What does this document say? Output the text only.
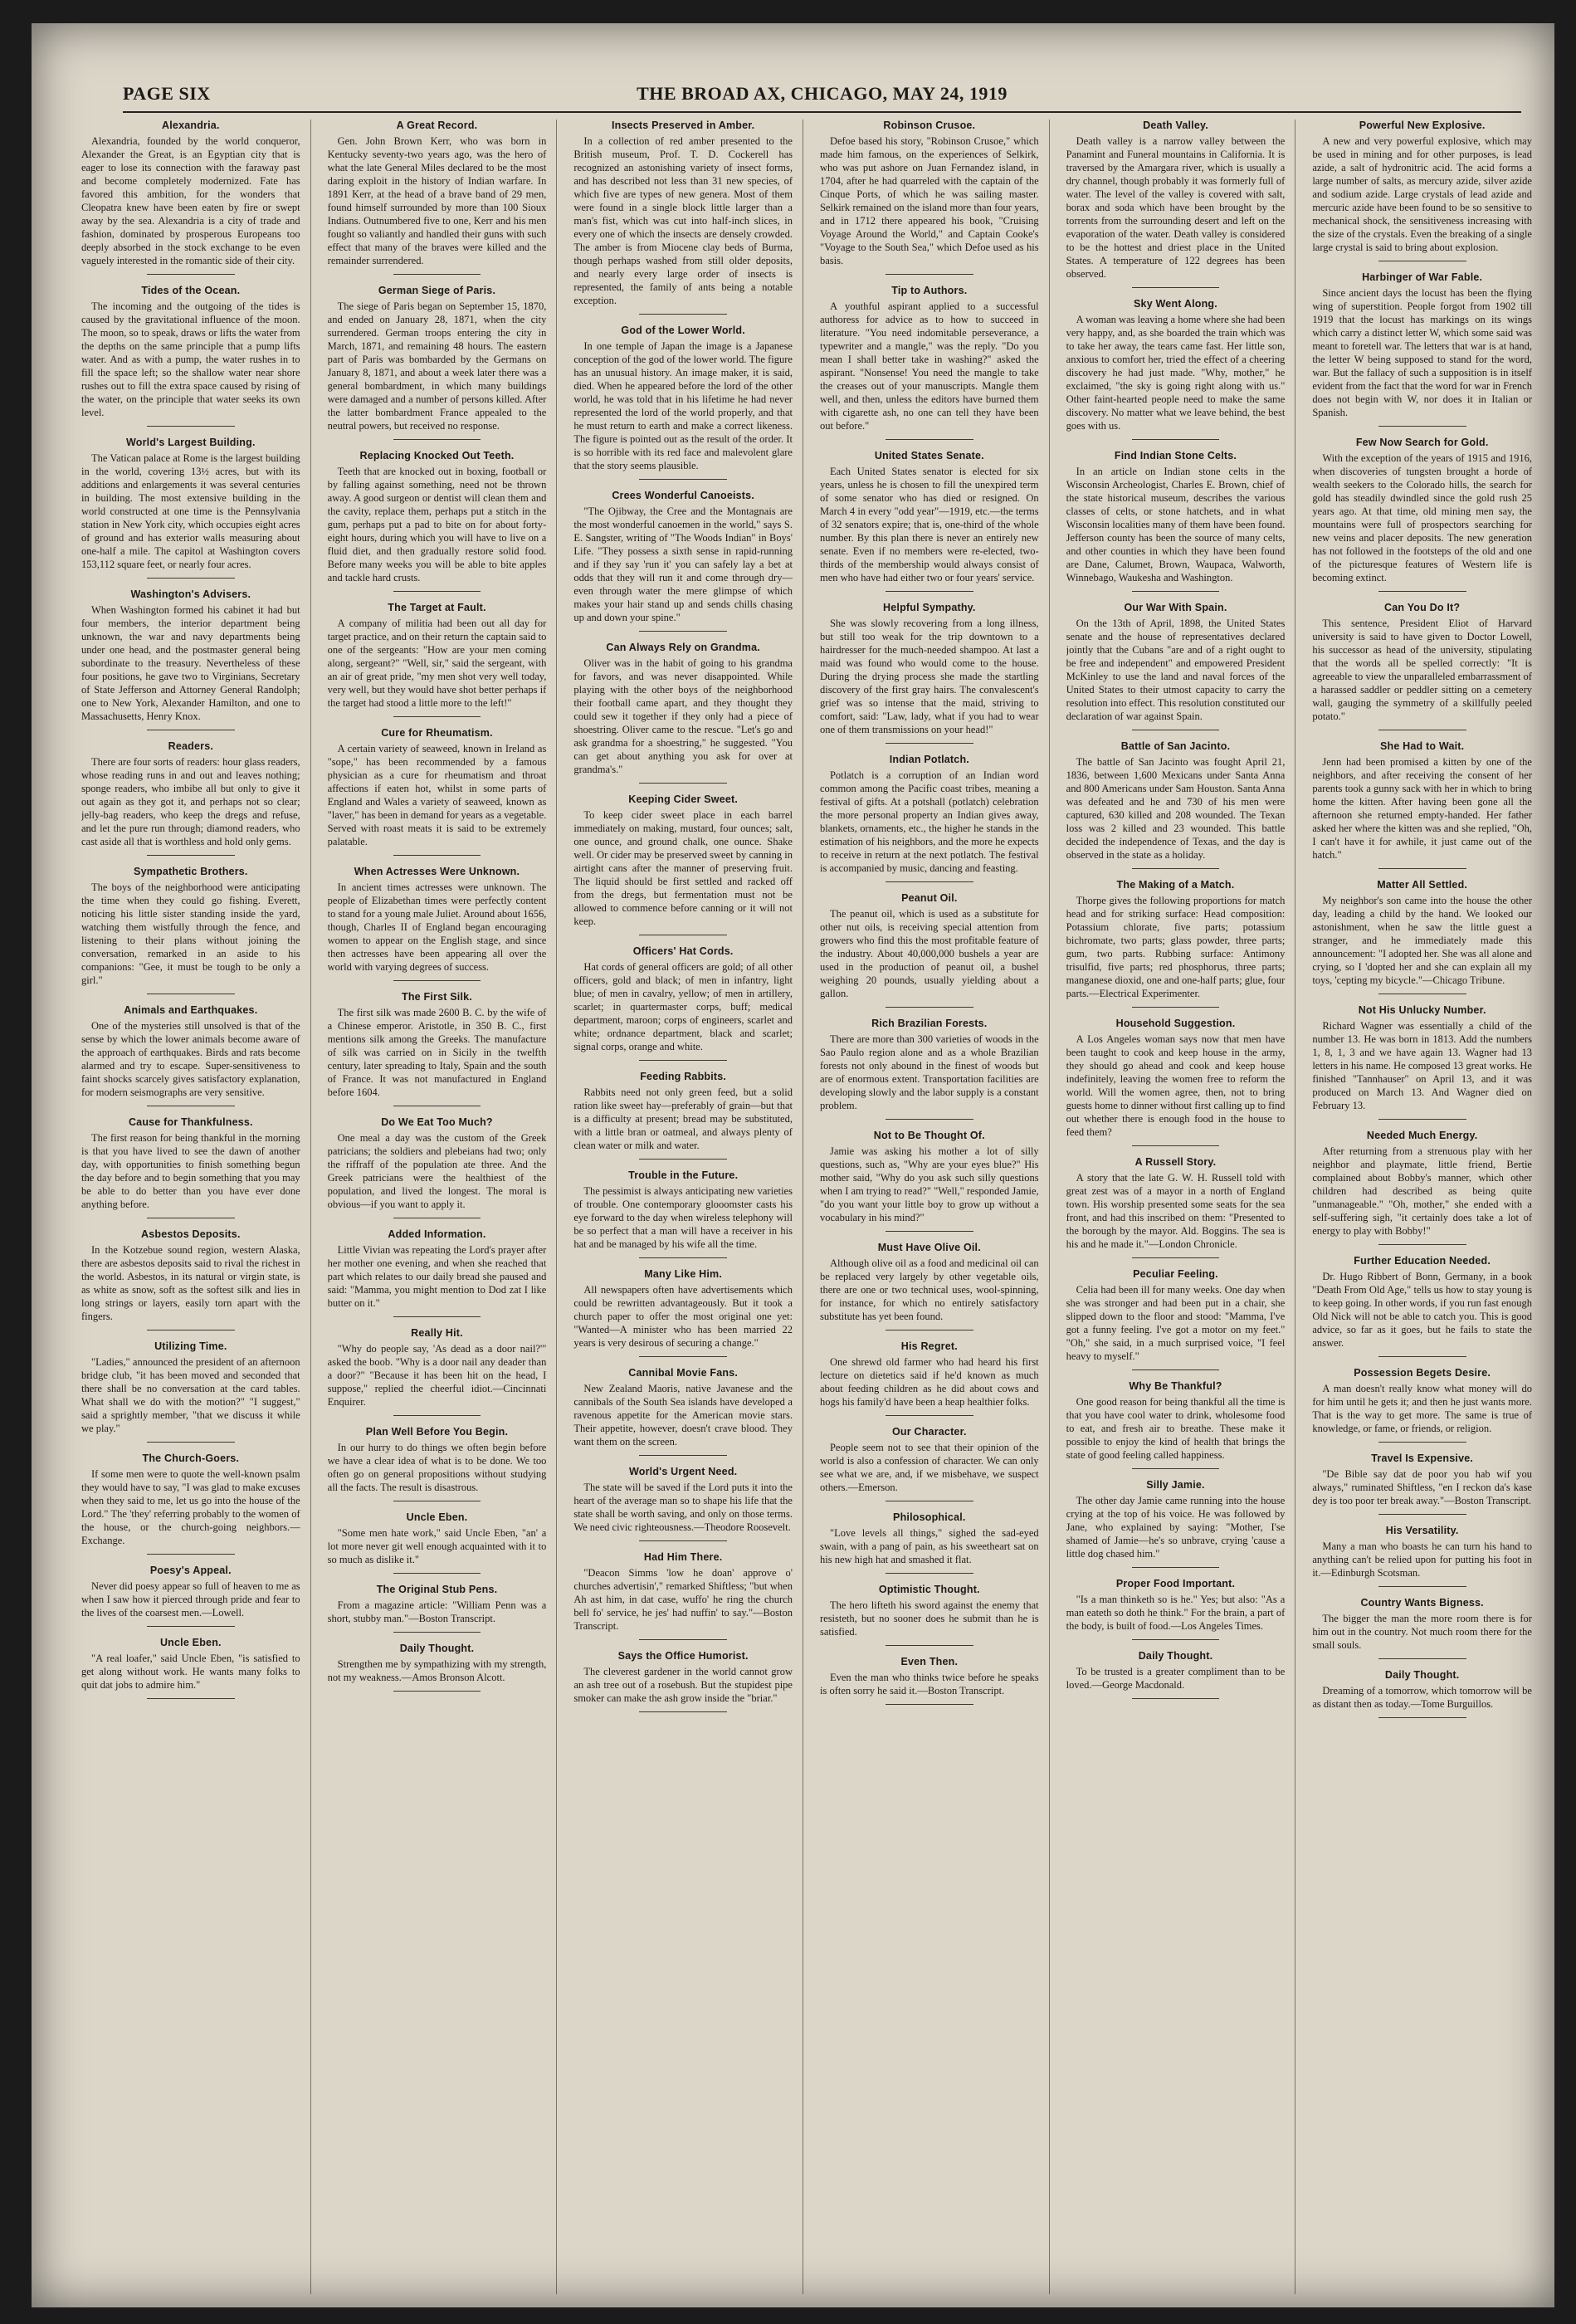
PAGE SIX	THE BROAD AX, CHICAGO, MAY 24, 1919
Alexandria.

Alexandria, founded by the world conqueror, Alexander the Great, is an Egyptian city that is eager to lose its connection with the faraway past and become completely modernized. Fate has favored this ambition, for the wonders that Cleopatra knew have been eaten by fire or swept away by the sea. Alexandria is a city of trade and fashion, dominated by prosperous Europeans too deeply absorbed in the stock exchange to be even vaguely interested in the romantic side of their city.

Tides of the Ocean.

The incoming and the outgoing of the tides is caused by the gravitational influence of the moon. The moon, so to speak, draws or lifts the water from the depths on the same principle that a pump lifts water. And as with a pump, the water rushes in to fill the space left; so the shallow water near shore rushes out to fill the extra space caused by rising of the water, on the principle that water seeks its own level.

World's Largest Building.

The Vatican palace at Rome is the largest building in the world, covering 13½ acres, but with its additions and enlargements it was several centuries in building. The most extensive building in the world constructed at one time is the Pennsylvania station in New York city, which occupies eight acres of ground and has exterior walls measuring about one-half a mile. The capitol at Washington covers 153,112 square feet, or nearly four acres.

Washington's Advisers.

When Washington formed his cabinet it had but four members, the interior department being unknown, the war and navy departments being under one head, and the postmaster general being subordinate to the treasury. Nevertheless of these four positions, he gave two to Virginians, Secretary of State Jefferson and Attorney General Randolph; one to New York, Alexander Hamilton, and one to Massachusetts, Henry Knox.

Readers.

There are four sorts of readers: hour glass readers, whose reading runs in and out and leaves nothing; sponge readers, who imbibe all but only to give it out again as they got it, and perhaps not so clear; jelly-bag readers, who keep the dregs and refuse, and let the pure run through; diamond readers, who cast aside all that is worthless and hold only gems.

Sympathetic Brothers.

The boys of the neighborhood were anticipating the time when they could go fishing. Everett, noticing his little sister standing inside the yard, watching them wistfully through the fence, and listening to their plans without joining the conversation, remarked in an aside to his companions: "Gee, it must be tough to be only a girl."

Animals and Earthquakes.

One of the mysteries still unsolved is that of the sense by which the lower animals become aware of the approach of earthquakes. Birds and rats become alarmed and try to escape. Super-sensitiveness to faint shocks scarcely gives satisfactory explanation, for modern seismographs are very sensitive.

Cause for Thankfulness.

The first reason for being thankful in the morning is that you have lived to see the dawn of another day, with opportunities to finish something begun the day before and to begin something that you may be able to do better than you have ever done anything before.

Asbestos Deposits.

In the Kotzebue sound region, western Alaska, there are asbestos deposits said to rival the richest in the world. Asbestos, in its natural or virgin state, is as white as snow, soft as the softest silk and lies in long strings or layers, easily torn apart with the fingers.

Utilizing Time.

"Ladies," announced the president of an afternoon bridge club, "it has been moved and seconded that there shall be no conversation at the card tables. What shall we do with the motion?" "I suggest," said a sprightly member, "that we discuss it while we play."

The Church-Goers.

If some men were to quote the well-known psalm they would have to say, "I was glad to make excuses when they said to me, let us go into the house of the Lord." The 'they' referring probably to the women of the house, or the church-going neighbors.—Exchange.

Poesy's Appeal.

Never did poesy appear so full of heaven to me as when I saw how it pierced through pride and fear to the lives of the coarsest men.—Lowell.

Uncle Eben.

"A real loafer," said Uncle Eben, "is satisfied to get along without work. He wants many folks to quit dat jobs to admire him."

A Great Record.

Gen. John Brown Kerr, who was born in Kentucky seventy-two years ago, was the hero of what the late General Miles declared to be the most daring exploit in the history of Indian warfare. In 1891 Kerr, at the head of a brave band of 29 men, found himself surrounded by more than 100 Sioux Indians. Outnumbered five to one, Kerr and his men fought so valiantly and handled their guns with such effect that many of the braves were killed and the remainder surrendered.

German Siege of Paris.

The siege of Paris began on September 15, 1870, and ended on January 28, 1871, when the city surrendered. German troops entering the city in March, 1871, and remaining 48 hours. The eastern part of Paris was bombarded by the Germans on January 8, 1871, and about a week later there was a general bombardment, in which many buildings were damaged and a number of persons killed. After the latter bombardment France appealed to the neutral powers, but received no response.

Replacing Knocked Out Teeth.

Teeth that are knocked out in boxing, football or by falling against something, need not be thrown away. A good surgeon or dentist will clean them and the cavity, replace them, perhaps put a stitch in the gum, perhaps put a pad to bite on for about forty-eight hours, during which you will have to live on a fluid diet, and then gradually restore solid food. Before many weeks you will be able to bite apples and tackle hard crusts.

The Target at Fault.

A company of militia had been out all day for target practice, and on their return the captain said to one of the sergeants: "How are your men coming along, sergeant?" "Well, sir," said the sergeant, with an air of great pride, "my men shot very well today, very well, but they would have shot better perhaps if the target had stood a little more to the left!"

Cure for Rheumatism.

A certain variety of seaweed, known in Ireland as "sope," has been recommended by a famous physician as a cure for rheumatism and throat affections if eaten hot, whilst in some parts of England and Wales a variety of seaweed, known as "laver," has been in demand for years as a vegetable. Served with roast meats it is said to be extremely palatable.

When Actresses Were Unknown.

In ancient times actresses were unknown. The people of Elizabethan times were perfectly content to stand for a young male Juliet. Around about 1656, though, Charles II of England began encouraging women to appear on the English stage, and since then actresses have been appearing all over the world with varying degrees of success.

The First Silk.

The first silk was made 2600 B. C. by the wife of a Chinese emperor. Aristotle, in 350 B. C., first mentions silk among the Greeks. The manufacture of silk was carried on in Sicily in the twelfth century, later spreading to Italy, Spain and the south of France. It was not manufactured in England before 1604.

Do We Eat Too Much?

One meal a day was the custom of the Greek patricians; the soldiers and plebeians had two; only the riffraff of the population ate three. And the Greek patricians were the healthiest of the population, and lived the longest. The moral is obvious—if you want to apply it.

Added Information.

Little Vivian was repeating the Lord's prayer after her mother one evening, and when she reached that part which relates to our daily bread she paused and said: "Mamma, you might mention to Dod zat I like butter on it."

Really Hit.

"Why do people say, 'As dead as a door nail?'" asked the boob. "Why is a door nail any deader than a door?" "Because it has been hit on the head, I suppose," replied the cheerful idiot.—Cincinnati Enquirer.

Plan Well Before You Begin.

In our hurry to do things we often begin before we have a clear idea of what is to be done. We too often go on general propositions without studying all the facts. The result is disastrous.

Uncle Eben.

"Some men hate work," said Uncle Eben, "an' a lot more never git well enough acquainted with it to so much as dislike it."

The Original Stub Pens.

From a magazine article: "William Penn was a short, stubby man."—Boston Transcript.

Daily Thought.

Strengthen me by sympathizing with my strength, not my weakness.—Amos Bronson Alcott.

Insects Preserved in Amber.

In a collection of red amber presented to the British museum, Prof. T. D. Cockerell has recognized an astonishing variety of insect forms, and has described not less than 31 new species, of which five are types of new genera. Most of them were found in a single block little larger than a man's fist, which was cut into half-inch slices, in every one of which the insects are densely crowded. The amber is from Miocene clay beds of Burma, though perhaps washed from still older deposits, and nearly every large order of insects is represented, the family of ants being a notable exception.

God of the Lower World.

In one temple of Japan the image is a Japanese conception of the god of the lower world. The figure has an unusual history. An image maker, it is said, died. When he appeared before the lord of the other world, he was told that in his lifetime he had never represented the lord of the world properly, and that he must return to earth and make a correct likeness. The figure is pointed out as the result of the order. It is so horrible with its red face and malevolent glare that the story seems plausible.

Crees Wonderful Canoeists.

"The Ojibway, the Cree and the Montagnais are the most wonderful canoemen in the world," says S. E. Sangster, writing of "The Woods Indian" in Boys' Life. "They possess a sixth sense in rapid-running and if they say 'run it' you can safely lay a bet at odds that they will run it and come through dry—even through water the mere glimpse of which makes your hair stand up and sends chills chasing up and down your spine."

Can Always Rely on Grandma.

Oliver was in the habit of going to his grandma for favors, and was never disappointed. While playing with the other boys of the neighborhood their football came apart, and they thought they could sew it together if they only had a piece of shoestring. Oliver came to the rescue. "Let's go and ask grandma for a shoestring," he suggested. "You can get about anything you ask for over at grandma's."

Keeping Cider Sweet.

To keep cider sweet place in each barrel immediately on making, mustard, four ounces; salt, one ounce, and ground chalk, one ounce. Shake well. Or cider may be preserved sweet by canning in airtight cans after the manner of preserving fruit. The liquid should be first settled and racked off from the dregs, but fermentation must not be allowed to commence before canning or it will not keep.

Officers' Hat Cords.

Hat cords of general officers are gold; of all other officers, gold and black; of men in infantry, light blue; of men in cavalry, yellow; of men in artillery, scarlet; in quartermaster corps, buff; medical department, maroon; corps of engineers, scarlet and white; ordnance department, black and scarlet; signal corps, orange and white.

Feeding Rabbits.

Rabbits need not only green feed, but a solid ration like sweet hay—preferably of grain—but that is a difficulty at present; bread may be substituted, with a little bran or oatmeal, and always plenty of clean water or milk and water.

Trouble in the Future.

The pessimist is always anticipating new varieties of trouble. One contemporary glooomster casts his eye forward to the day when wireless telephony will be so perfect that a man will have a receiver in his hat and be managed by his wife all the time.

Many Like Him.

All newspapers often have advertisements which could be rewritten advantageously. But it took a church paper to offer the most original one yet: "Wanted—A minister who has been married 22 years is very desirous of securing a change."

Cannibal Movie Fans.

New Zealand Maoris, native Javanese and the cannibals of the South Sea islands have developed a ravenous appetite for the American movie stars. Their appetite, however, doesn't crave blood. They want them on the screen.

World's Urgent Need.

The state will be saved if the Lord puts it into the heart of the average man so to shape his life that the state shall be worth saving, and only on those terms. We need civic righteousness.—Theodore Roosevelt.

Had Him There.

"Deacon Simms 'low he doan' approve o' churches advertisin'," remarked Shiftless; "but when Ah ast him, in dat case, wuffo' he ring the church bell fo' service, he jes' had nuffin' to say."—Boston Transcript.

Says the Office Humorist.

The cleverest gardener in the world cannot grow an ash tree out of a rosebush. But the stupidest pipe smoker can make the ash grow inside the "briar."

Robinson Crusoe.

Defoe based his story, "Robinson Crusoe," which made him famous, on the experiences of Selkirk, who was put ashore on Juan Fernandez island, in 1704, after he had quarreled with the captain of the Cinque Ports, of which he was sailing master. Selkirk remained on the island more than four years, and in 1712 there appeared his book, "Cruising Voyage Around the World," and Captain Cooke's "Voyage to the South Sea," which Defoe used as his basis.

Tip to Authors.

A youthful aspirant applied to a successful authoress for advice as to how to succeed in literature. "You need indomitable perseverance, a typewriter and a mangle," was the reply. "Do you mean I shall better take in washing?" asked the aspirant. "Nonsense! You need the mangle to take the creases out of your manuscripts. Mangle them well, and then, unless the editors have burned them with cigarette ash, no one can tell they have been out before."

United States Senate.

Each United States senator is elected for six years, unless he is chosen to fill the unexpired term of some senator who has died or resigned. On March 4 in every "odd year"—1919, etc.—the terms of 32 senators expire; that is, one-third of the whole number. By this plan there is never an entirely new senate. Even if no members were re-elected, two-thirds of the membership would always consist of men who have had either two or four years' service.

Helpful Sympathy.

She was slowly recovering from a long illness, but still too weak for the trip downtown to a hairdresser for the much-needed shampoo. At last a maid was found who would come to the house. During the drying process she made the startling discovery of the first gray hairs. The convalescent's grief was so intense that the maid, striving to comfort, said: "Law, lady, what if you had to wear one of them transmissions on your head!"

Indian Potlatch.

Potlatch is a corruption of an Indian word common among the Pacific coast tribes, meaning a festival of gifts. At a potshall (potlatch) celebration the more personal property an Indian gives away, blankets, ornaments, etc., the higher he stands in the estimation of his neighbors, and the more he expects to receive in return at the next potlatch. The festival is accompanied by music, dancing and feasting.

Peanut Oil.

The peanut oil, which is used as a substitute for other nut oils, is receiving special attention from growers who find this the most profitable feature of the industry. About 40,000,000 bushels a year are used in the production of peanut oil, a bushel weighing 20 pounds, usually yielding about a gallon.

Rich Brazilian Forests.

There are more than 300 varieties of woods in the Sao Paulo region alone and as a whole Brazilian forests not only abound in the finest of woods but are of enormous extent. Transportation facilities are developing slowly and the labor supply is a constant problem.

Not to Be Thought Of.

Jamie was asking his mother a lot of silly questions, such as, "Why are your eyes blue?" His mother said, "Why do you ask such silly questions when I am trying to read?" "Well," responded Jamie, "do you want your little boy to grow up without a vocabulary in his mind?"

Must Have Olive Oil.

Although olive oil as a food and medicinal oil can be replaced very largely by other vegetable oils, there are one or two technical uses, wool-spinning, for instance, for which no entirely satisfactory substitute has yet been found.

His Regret.

One shrewd old farmer who had heard his first lecture on dietetics said if he'd known as much about feeding children as he did about cows and hogs his family'd have been a heap healthier folks.

Our Character.

People seem not to see that their opinion of the world is also a confession of character. We can only see what we are, and, if we misbehave, we suspect others.—Emerson.

Philosophical.

"Love levels all things," sighed the sad-eyed swain, with a pang of pain, as his sweetheart sat on his new high hat and smashed it flat.

Optimistic Thought.

The hero lifteth his sword against the enemy that resisteth, but no sooner does he submit than he is satisfied.

Even Then.

Even the man who thinks twice before he speaks is often sorry he said it.—Boston Transcript.

Death Valley.

Death valley is a narrow valley between the Panamint and Funeral mountains in California. It is traversed by the Amargara river, which is usually a dry channel, though probably it was formerly full of water. The level of the valley is covered with salt, borax and soda which have been brought by the torrents from the surrounding desert and left on the evaporation of the water. Death valley is considered to be the hottest and driest place in the United States. A temperature of 122 degrees has been observed.

Sky Went Along.

A woman was leaving a home where she had been very happy, and, as she boarded the train which was to take her away, the tears came fast. Her little son, anxious to comfort her, tried the effect of a cheering discovery he had just made. "Why, mother," he exclaimed, "the sky is going right along with us." Other faint-hearted people need to make the same discovery. No matter what we leave behind, the best goes with us.

Find Indian Stone Celts.

In an article on Indian stone celts in the Wisconsin Archeologist, Charles E. Brown, chief of the state historical museum, describes the various classes of celts, or stone hatchets, and in what Wisconsin localities many of them have been found. Jefferson county has been the source of many celts, and other counties in which they have been found are Dane, Calumet, Brown, Waupaca, Walworth, Winnebago, Waukesha and Washington.

Our War With Spain.

On the 13th of April, 1898, the United States senate and the house of representatives declared jointly that the Cubans "are and of a right ought to be free and independent" and empowered President McKinley to use the land and naval forces of the United States to their utmost capacity to carry the resolution into effect. This resolution constituted our declaration of war against Spain.

Battle of San Jacinto.

The battle of San Jacinto was fought April 21, 1836, between 1,600 Mexicans under Santa Anna and 800 Americans under Sam Houston. Santa Anna was defeated and he and 730 of his men were captured, 630 killed and 208 wounded. The Texan loss was 2 killed and 23 wounded. This battle decided the independence of Texas, and the day is observed in the state as a holiday.

The Making of a Match.

Thorpe gives the following proportions for match head and for striking surface: Head composition: Potassium chlorate, five parts; potassium bichromate, two parts; glass powder, three parts; gum, two parts. Rubbing surface: Antimony trisulfid, five parts; red phosphorus, three parts; manganese dioxid, one and one-half parts; glue, four parts.—Electrical Experimenter.

Household Suggestion.

A Los Angeles woman says now that men have been taught to cook and keep house in the army, they should go ahead and cook and keep house indefinitely, leaving the women free to reform the world. Will the women agree, then, not to bring guests home to dinner without first calling up to find out whether there is enough food in the house to feed them?

A Russell Story.

A story that the late G. W. H. Russell told with great zest was of a mayor in a north of England town. His worship presented some seats for the sea front, and had this inscribed on them: "Presented to the borough by the mayor. Ald. Boggins. The sea is his and he made it."—London Chronicle.

Peculiar Feeling.

Celia had been ill for many weeks. One day when she was stronger and had been put in a chair, she slipped down to the floor and stood: "Mamma, I've got a funny feeling. I've got a motor on my feet." "Oh," she said, in a much surprised voice, "I feel heavy to myself."

Why Be Thankful?

One good reason for being thankful all the time is that you have cool water to drink, wholesome food to eat, and fresh air to breathe. These make it possible to enjoy the kind of health that brings the state of good feeling called happiness.

Silly Jamie.

The other day Jamie came running into the house crying at the top of his voice. He was followed by Jane, who explained by saying: "Mother, I'se shamed of Jamie—he's so unbrave, crying 'cause a little dog chased him."

Proper Food Important.

"Is a man thinketh so is he." Yes; but also: "As a man eateth so doth he think." For the brain, a part of the body, is built of food.—Los Angeles Times.

Daily Thought.

To be trusted is a greater compliment than to be loved.—George Macdonald.

Powerful New Explosive.

A new and very powerful explosive, which may be used in mining and for other purposes, is lead azide, a salt of hydronitric acid. The acid forms a large number of salts, as mercury azide, silver azide and sodium azide. Large crystals of lead azide and mercuric azide have been found to be so sensitive to mechanical shock, the sensitiveness increasing with the size of the crystals. Even the breaking of a single large crystal is said to bring about explosion.

Harbinger of War Fable.

Since ancient days the locust has been the flying wing of superstition. People forgot from 1902 till 1919 that the locust has markings on its wings which carry a distinct letter W, which some said was meant to foretell war. The letters that war is at hand, the letter W being supposed to stand for the word, war. But the fallacy of such a supposition is in itself evident from the fact that the word for war in French does not begin with W, nor does it in Italian or Spanish.

Few Now Search for Gold.

With the exception of the years of 1915 and 1916, when discoveries of tungsten brought a horde of wealth seekers to the Colorado hills, the search for gold has steadily dwindled since the gold rush 25 years ago. At that time, old mining men say, the mountains were full of prospectors searching for new veins and placer deposits. The new generation has not followed in the footsteps of the old and one of the picturesque features of Western life is becoming extinct.

Can You Do It?

This sentence, President Eliot of Harvard university is said to have given to Doctor Lowell, his successor as head of the university, stipulating that the words all be spelled correctly: "It is agreeable to view the unparalleled embarrassment of a harassed saddler or peddler sitting on a cemetery wall, gauging the symmetry of a skillfully peeled potato."

She Had to Wait.

Jenn had been promised a kitten by one of the neighbors, and after receiving the consent of her parents took a gunny sack with her in which to bring home the kitten. After having been gone all the afternoon she returned empty-handed. Her father asked her where the kitten was and she replied, "Oh, I can't have it for awhile, it just came out of the hatch."

Matter All Settled.

My neighbor's son came into the house the other day, leading a child by the hand. We looked our astonishment, when he saw the little guest a stranger, and he immediately made this announcement: "I adopted her. She was all alone and crying, so I 'dopted her and she can explain all my toys, 'cepting my bicycle."—Chicago Tribune.

Not His Unlucky Number.

Richard Wagner was essentially a child of the number 13. He was born in 1813. Add the numbers 1, 8, 1, 3 and we have again 13. Wagner had 13 letters in his name. He composed 13 great works. He finished "Tannhauser" on April 13, and it was produced on March 13. And Wagner died on February 13.

Needed Much Energy.

After returning from a strenuous play with her neighbor and playmate, little friend, Bertie complained about Bobby's manner, which other children had described as being quite "unmanageable." "Oh, mother," she ended with a self-suffering sigh, "it certainly does take a lot of energy to play with Bobby!"

Further Education Needed.

Dr. Hugo Ribbert of Bonn, Germany, in a book "Death From Old Age," tells us how to stay young is to keep going. In other words, if you run fast enough Old Nick will not be able to catch you. This is good advice, so far as it goes, but he fails to state the answer.

Possession Begets Desire.

A man doesn't really know what money will do for him until he gets it; and then he just wants more. That is the way to get more. The same is true of knowledge, or fame, or friends, or religion.

Travel Is Expensive.

"De Bible say dat de poor you hab wif you always," ruminated Shiftless, "en I reckon da's kase dey is too poor ter break away."—Boston Transcript.

His Versatility.

Many a man who boasts he can turn his hand to anything can't be relied upon for putting his foot in it.—Edinburgh Scotsman.

Country Wants Bigness.

The bigger the man the more room there is for him out in the country. Not much room there for the small souls.

Daily Thought.

Dreaming of a tomorrow, which tomorrow will be as distant then as today.—Tome Burguillos.
